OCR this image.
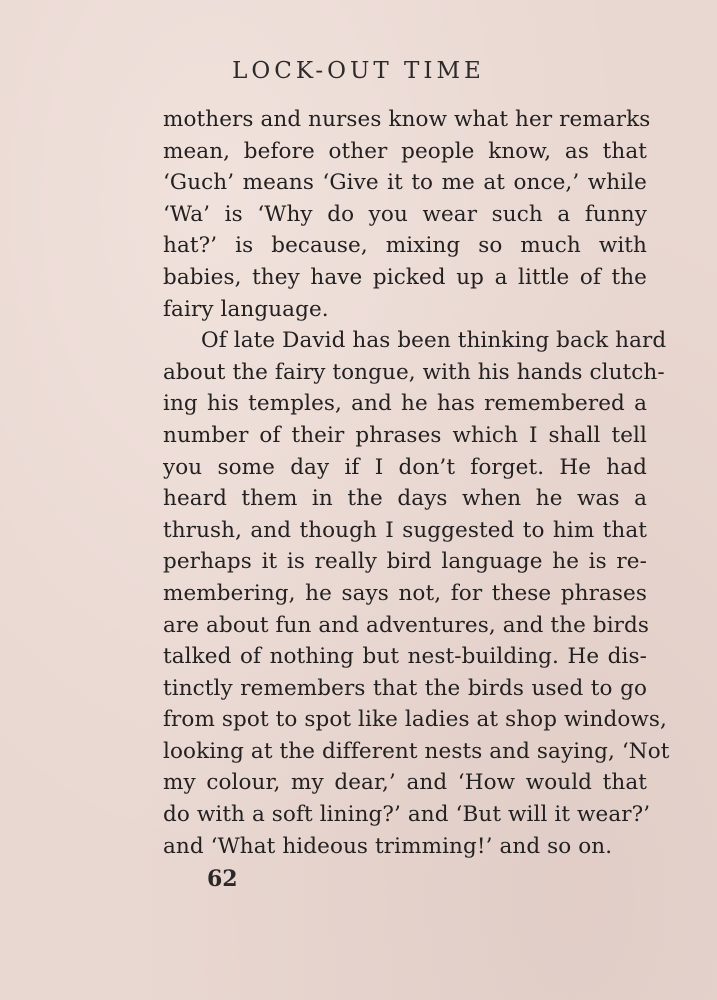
LOCK-OUT TIME
mothers and nurses know what her remarks
mean, before other people know, as that
‘Guch’ means ‘Give it to me at once,’ while
‘Wa’ is ‘Why do you wear such a funny
hat?’ is because, mixing so much with
babies, they have picked up a little of the
fairy language.
Of late David has been thinking back hard
about the fairy tongue, with his hands clutch-
ing his temples, and he has remembered a
number of their phrases which I shall tell
you some day if I don’t forget. He had
heard them in the days when he was a
thrush, and though I suggested to him that
perhaps it is really bird language he is re-
membering, he says not, for these phrases
are about fun and adventures, and the birds
talked of nothing but nest-building. He dis-
tinctly remembers that the birds used to go
from spot to spot like ladies at shop windows,
looking at the different nests and saying, ‘Not
my colour, my dear,’ and ‘How would that
do with a soft lining?’ and ‘But will it wear?’
and ‘What hideous trimming!’ and so on.
62
